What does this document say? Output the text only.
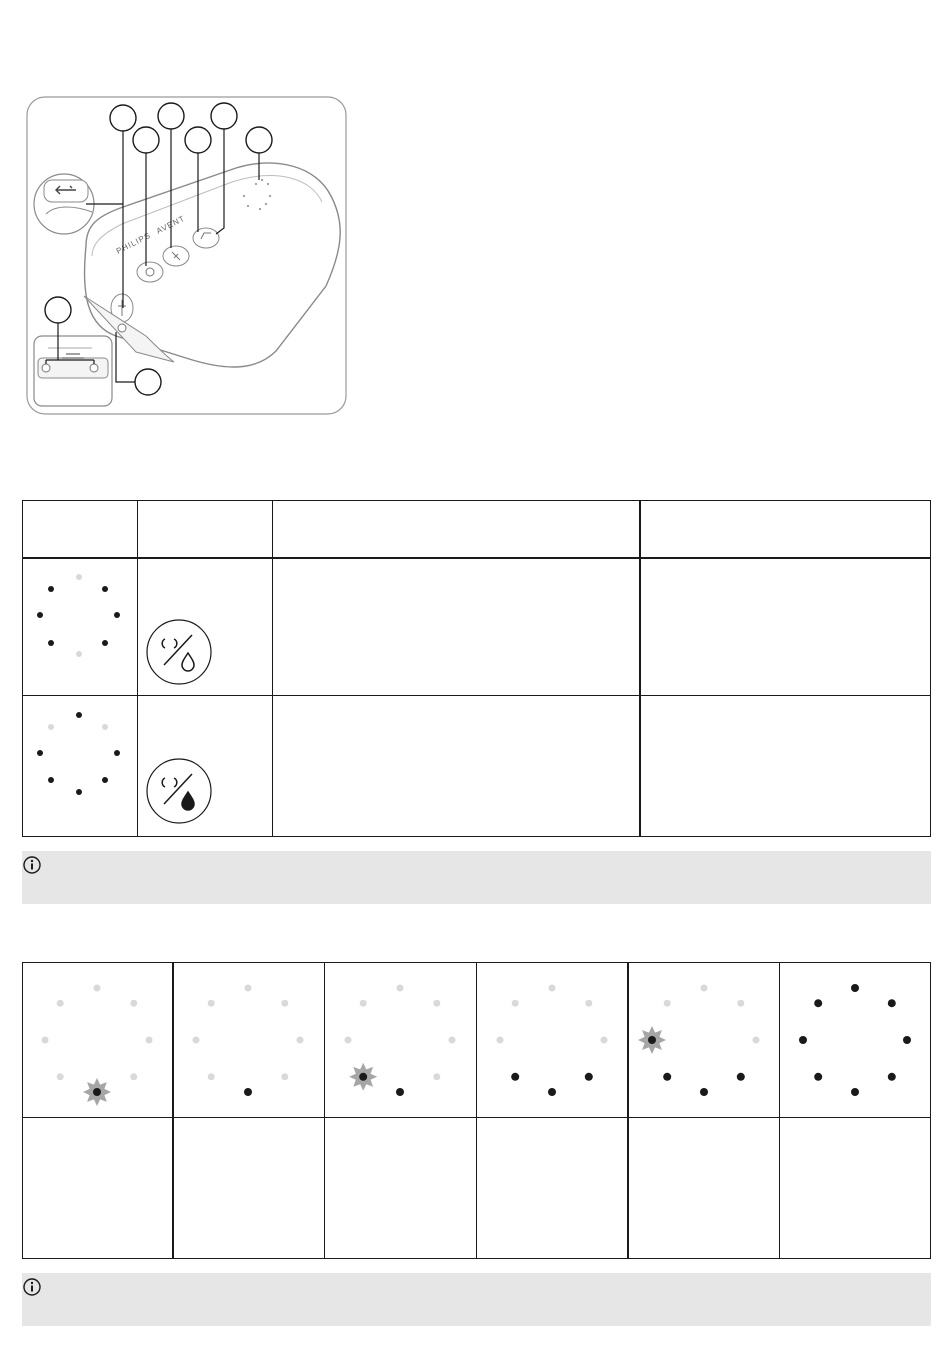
PHILIPS
AVENT
